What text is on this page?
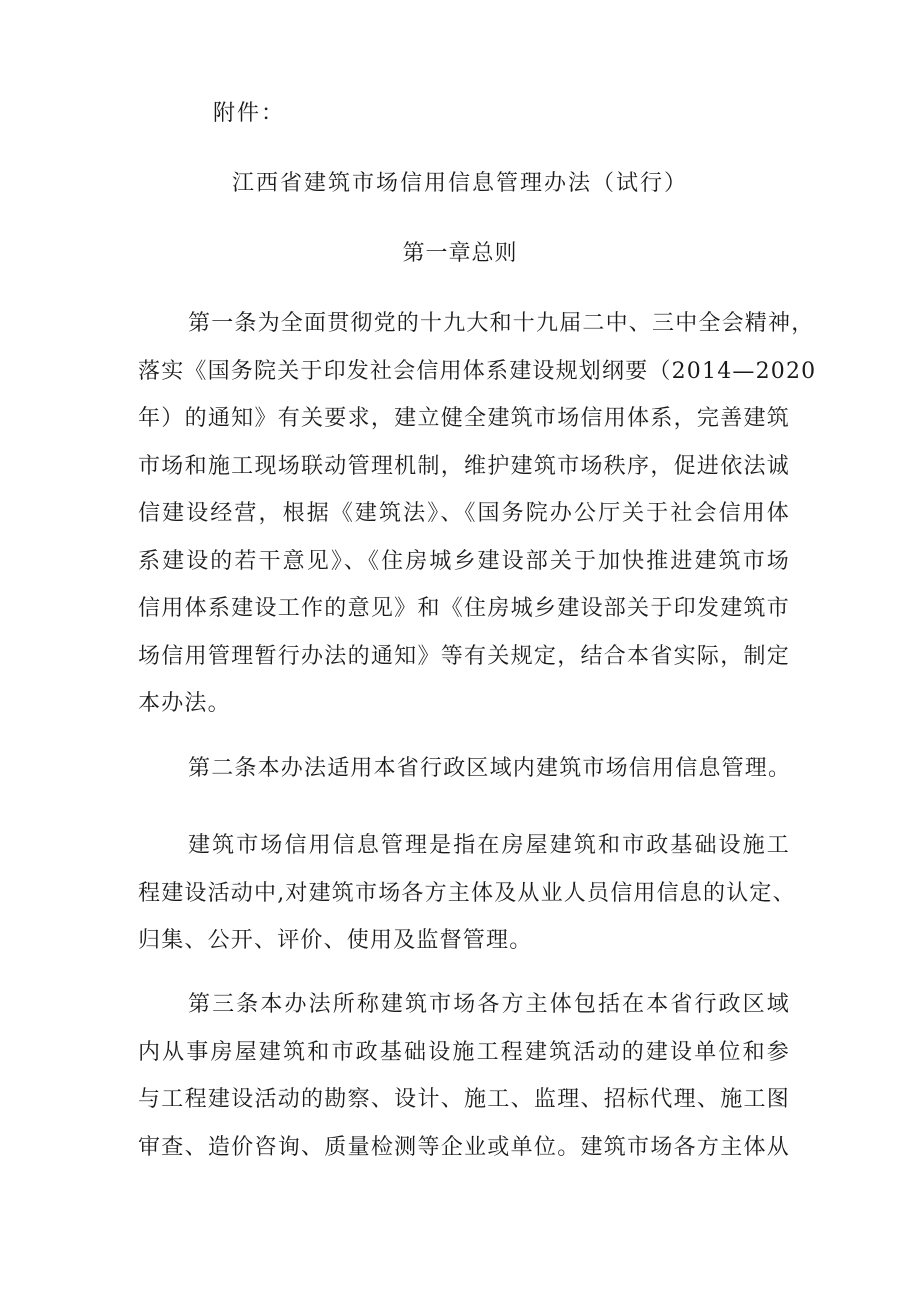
附件：
江西省建筑市场信用信息管理办法（试行）
第一章总则
第一条为全面贯彻党的十九大和十九届二中、三中全会精神，
落实《国务院关于印发社会信用体系建设规划纲要（2014—2020
年）的通知》有关要求，建立健全建筑市场信用体系，完善建筑
市场和施工现场联动管理机制，维护建筑市场秩序，促进依法诚
信建设经营，根据《建筑法》、《国务院办公厅关于社会信用体
系建设的若干意见》、《住房城乡建设部关于加快推进建筑市场
信用体系建设工作的意见》和《住房城乡建设部关于印发建筑市
场信用管理暂行办法的通知》等有关规定，结合本省实际，制定
本办法。
第二条本办法适用本省行政区域内建筑市场信用信息管理。
建筑市场信用信息管理是指在房屋建筑和市政基础设施工
程建设活动中,对建筑市场各方主体及从业人员信用信息的认定、
归集、公开、评价、使用及监督管理。
第三条本办法所称建筑市场各方主体包括在本省行政区域
内从事房屋建筑和市政基础设施工程建筑活动的建设单位和参
与工程建设活动的勘察、设计、施工、监理、招标代理、施工图
审查、造价咨询、质量检测等企业或单位。建筑市场各方主体从
